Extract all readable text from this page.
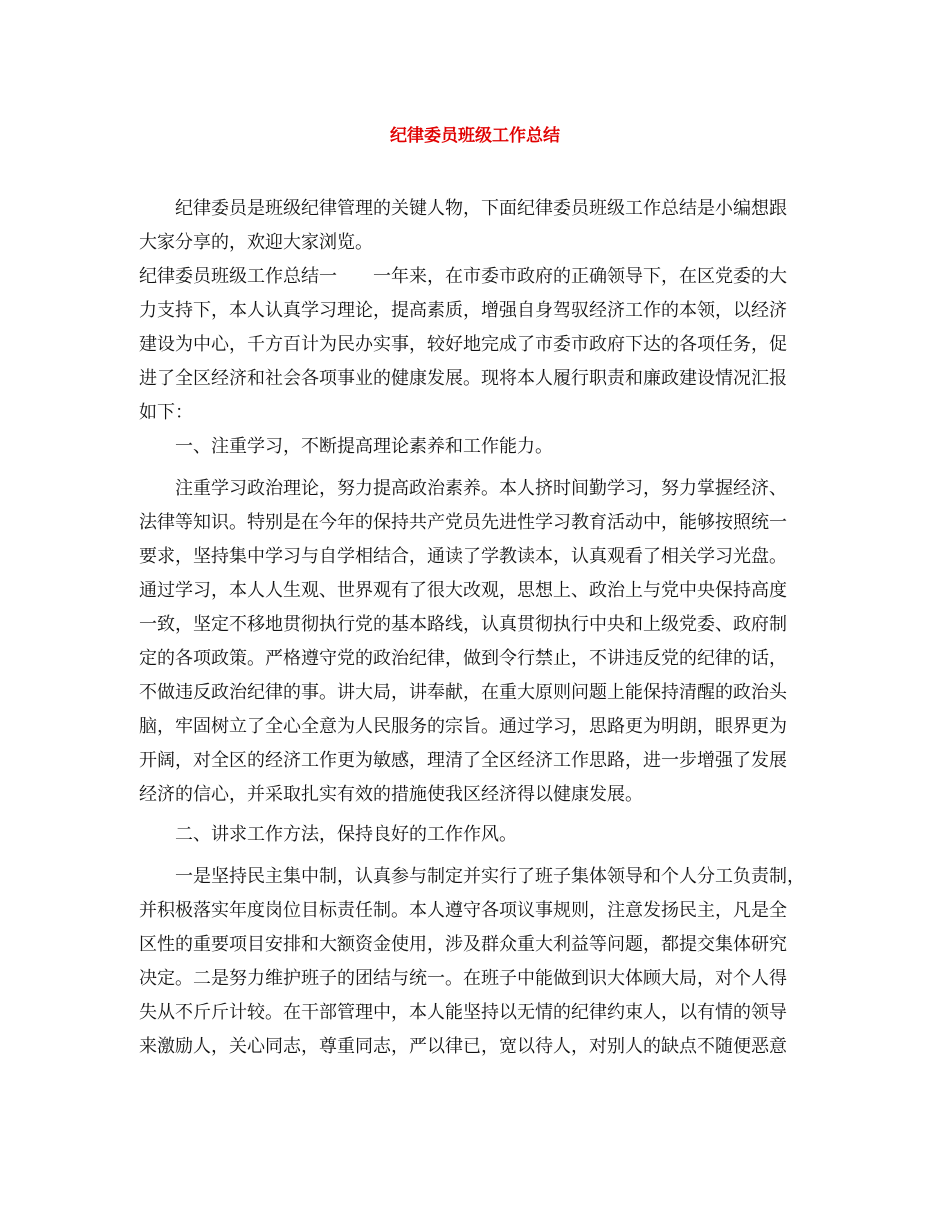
纪律委员班级工作总结
纪律委员是班级纪律管理的关键人物，下面纪律委员班级工作总结是小编想跟
大家分享的，欢迎大家浏览。
纪律委员班级工作总结一　　一年来，在市委市政府的正确领导下，在区党委的大
力支持下，本人认真学习理论，提高素质，增强自身驾驭经济工作的本领，以经济
建设为中心，千方百计为民办实事，较好地完成了市委市政府下达的各项任务，促
进了全区经济和社会各项事业的健康发展。现将本人履行职责和廉政建设情况汇报
如下：
一、注重学习，不断提高理论素养和工作能力。
注重学习政治理论，努力提高政治素养。本人挤时间勤学习，努力掌握经济、
法律等知识。特别是在今年的保持共产党员先进性学习教育活动中，能够按照统一
要求，坚持集中学习与自学相结合，通读了学教读本，认真观看了相关学习光盘。
通过学习，本人人生观、世界观有了很大改观，思想上、政治上与党中央保持高度
一致，坚定不移地贯彻执行党的基本路线，认真贯彻执行中央和上级党委、政府制
定的各项政策。严格遵守党的政治纪律，做到令行禁止，不讲违反党的纪律的话，
不做违反政治纪律的事。讲大局，讲奉献，在重大原则问题上能保持清醒的政治头
脑，牢固树立了全心全意为人民服务的宗旨。通过学习，思路更为明朗，眼界更为
开阔，对全区的经济工作更为敏感，理清了全区经济工作思路，进一步增强了发展
经济的信心，并采取扎实有效的措施使我区经济得以健康发展。
二、讲求工作方法，保持良好的工作作风。
一是坚持民主集中制，认真参与制定并实行了班子集体领导和个人分工负责制，
并积极落实年度岗位目标责任制。本人遵守各项议事规则，注意发扬民主，凡是全
区性的重要项目安排和大额资金使用，涉及群众重大利益等问题，都提交集体研究
决定。二是努力维护班子的团结与统一。在班子中能做到识大体顾大局，对个人得
失从不斤斤计较。在干部管理中，本人能坚持以无情的纪律约束人，以有情的领导
来激励人，关心同志，尊重同志，严以律已，宽以待人，对别人的缺点不随便恶意
